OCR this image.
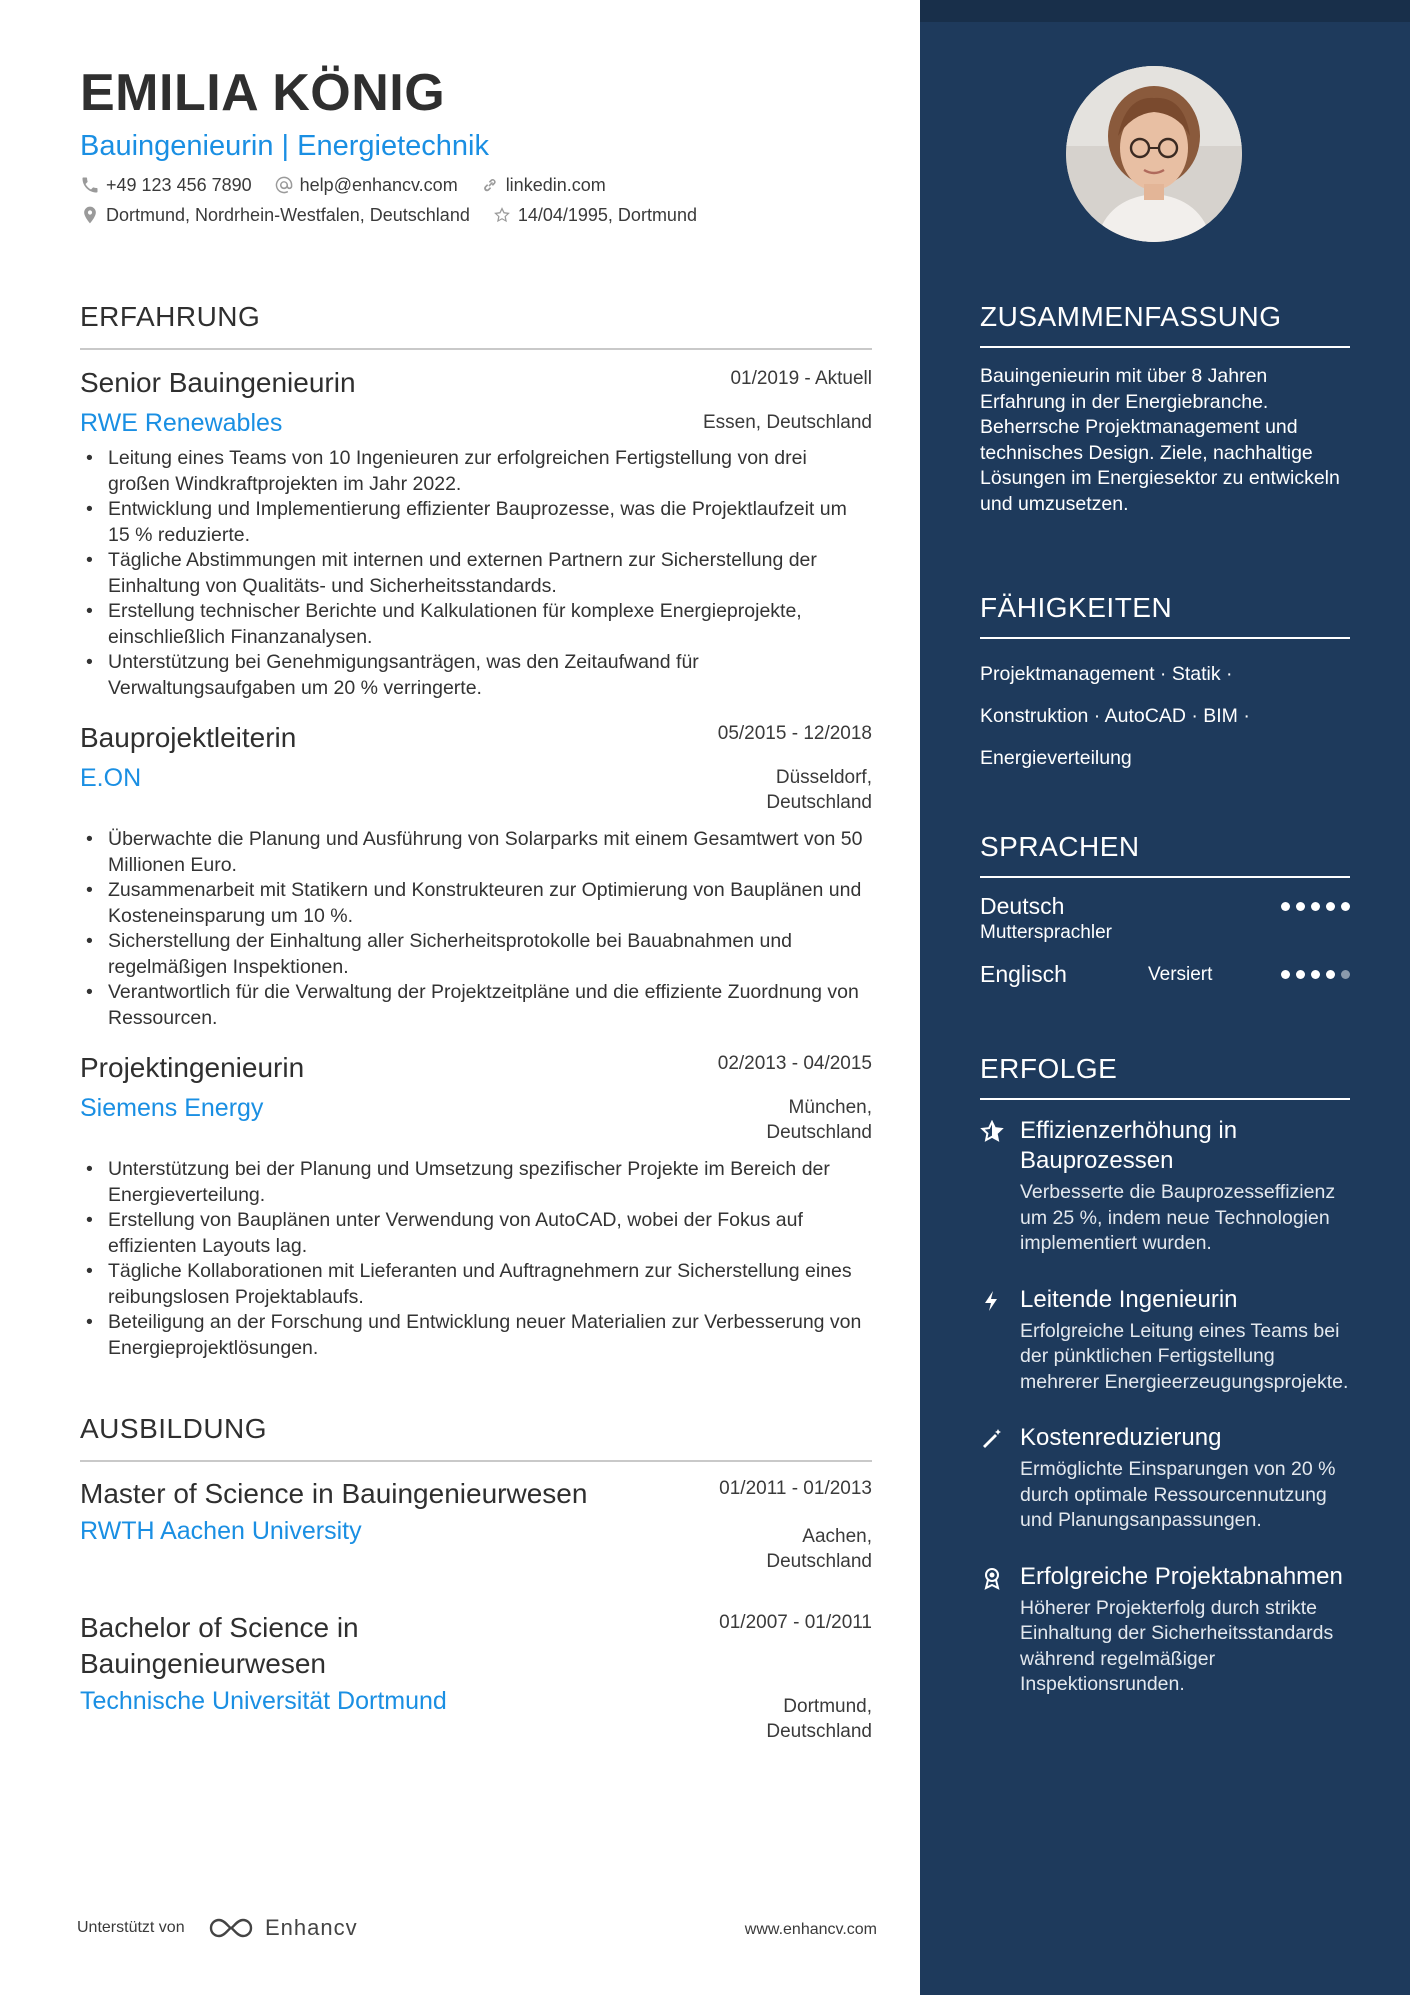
EMILIA KÖNIG
Bauingenieurin | Energietechnik
+49 123 456 7890	help@enhancv.com	linkedin.com
Dortmund, Nordrhein-Westfalen, Deutschland	14/04/1995, Dortmund
ERFAHRUNG
Senior Bauingenieurin	01/2019 - Aktuell
RWE Renewables	Essen, Deutschland
• Leitung eines Teams von 10 Ingenieuren zur erfolgreichen Fertigstellung von drei großen Windkraftprojekten im Jahr 2022.
• Entwicklung und Implementierung effizienter Bauprozesse, was die Projektlaufzeit um 15 % reduzierte.
• Tägliche Abstimmungen mit internen und externen Partnern zur Sicherstellung der Einhaltung von Qualitäts- und Sicherheitsstandards.
• Erstellung technischer Berichte und Kalkulationen für komplexe Energieprojekte, einschließlich Finanzanalysen.
• Unterstützung bei Genehmigungsanträgen, was den Zeitaufwand für Verwaltungsaufgaben um 20 % verringerte.
Bauprojektleiterin	05/2015 - 12/2018
E.ON	Düsseldorf,
Deutschland
• Überwachte die Planung und Ausführung von Solarparks mit einem Gesamtwert von 50 Millionen Euro.
• Zusammenarbeit mit Statikern und Konstrukteuren zur Optimierung von Bauplänen und Kosteneinsparung um 10 %.
• Sicherstellung der Einhaltung aller Sicherheitsprotokolle bei Bauabnahmen und regelmäßigen Inspektionen.
• Verantwortlich für die Verwaltung der Projektzeitpläne und die effiziente Zuordnung von Ressourcen.
Projektingenieurin	02/2013 - 04/2015
Siemens Energy	München,
Deutschland
• Unterstützung bei der Planung und Umsetzung spezifischer Projekte im Bereich der Energieverteilung.
• Erstellung von Bauplänen unter Verwendung von AutoCAD, wobei der Fokus auf effizienten Layouts lag.
• Tägliche Kollaborationen mit Lieferanten und Auftragnehmern zur Sicherstellung eines reibungslosen Projektablaufs.
• Beteiligung an der Forschung und Entwicklung neuer Materialien zur Verbesserung von Energieprojektlösungen.
AUSBILDUNG
Master of Science in Bauingenieurwesen	01/2011 - 01/2013
RWTH Aachen University	Aachen,
Deutschland
Bachelor of Science in
Bauingenieurwesen
01/2007 - 01/2011
Technische Universität Dortmund	Dortmund,
Deutschland
Unterstützt von	Enhancv	www.enhancv.com
ZUSAMMENFASSUNG
Bauingenieurin mit über 8 Jahren Erfahrung in der Energiebranche. Beherrsche Projektmanagement und technisches Design. Ziele, nachhaltige Lösungen im Energiesektor zu entwickeln und umzusetzen.
FÄHIGKEITEN
Projektmanagement · Statik ·
Konstruktion · AutoCAD · BIM ·
Energieverteilung
SPRACHEN
Deutsch
Muttersprachler
Englisch	Versiert
ERFOLGE
Effizienzerhöhung in Bauprozessen
Verbesserte die Bauprozesseffizienz um 25 %, indem neue Technologien implementiert wurden.
Leitende Ingenieurin
Erfolgreiche Leitung eines Teams bei der pünktlichen Fertigstellung mehrerer Energieerzeugungsprojekte.
Kostenreduzierung
Ermöglichte Einsparungen von 20 % durch optimale Ressourcennutzung und Planungsanpassungen.
Erfolgreiche Projektabnahmen
Höherer Projekterfolg durch strikte Einhaltung der Sicherheitsstandards während regelmäßiger Inspektionsrunden.
